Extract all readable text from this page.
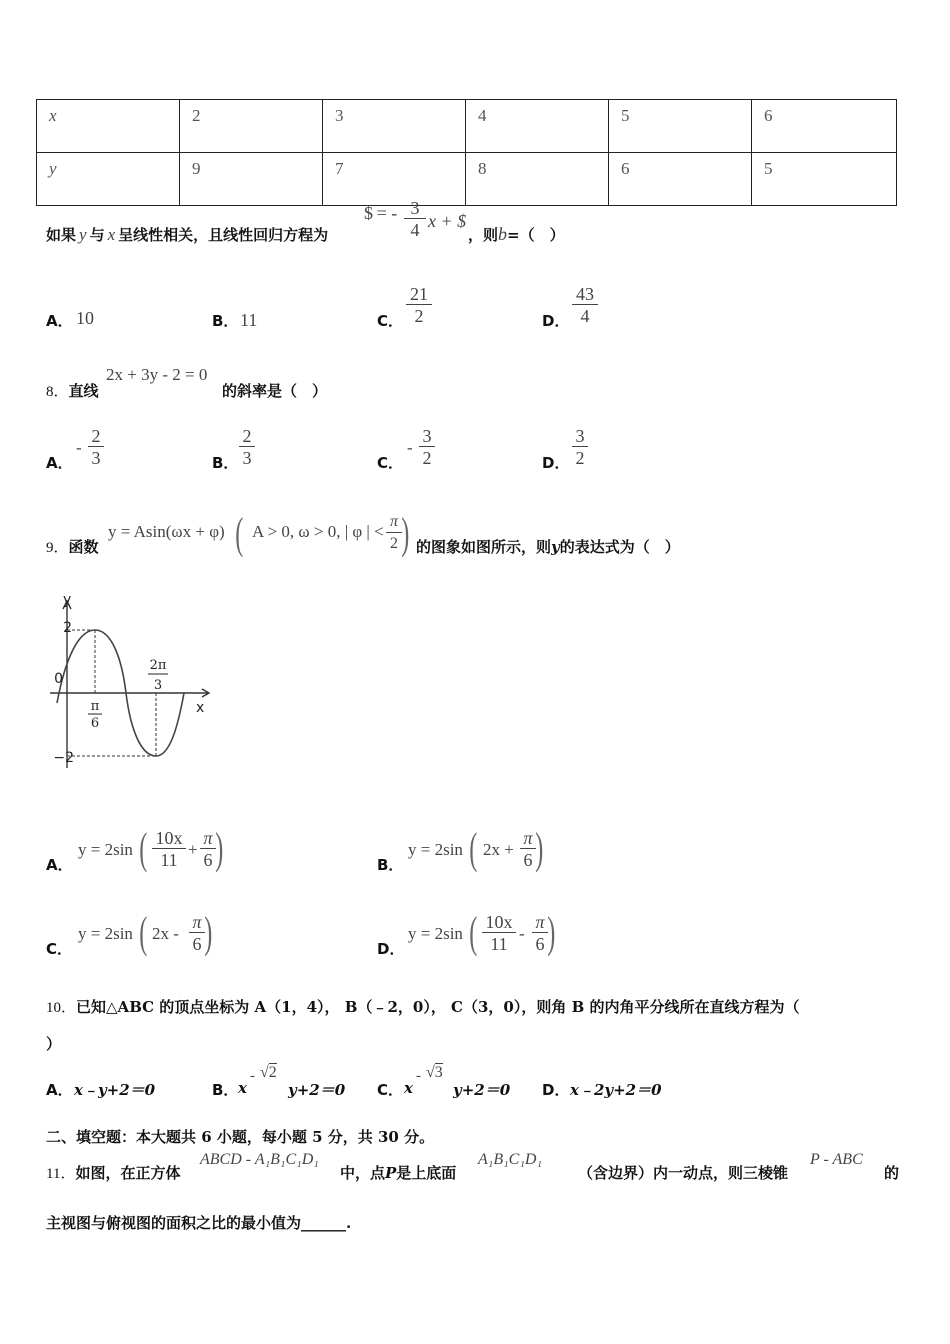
x	2	3	4	5	6
y	9	7	8	6	5
如果 y 与 x 呈线性相关，且线性回归方程为
$ = - $\frac{3}{4}$ x + $
，则b=（　）
A． 10	B． 11	C． $\frac{21}{2}$	D． $\frac{43}{4}$
8．直线
2x + 3y - 2 = 0
的斜率是（　）
A．
- $\frac{2}{3}$	B． $\frac{2}{3}$	C．
- $\frac{3}{2}$	D． $\frac{3}{2}$
9．函数
y = Asin(ωx + φ) ( A > 0, ω > 0, | φ | < $\frac{\pi}{2}$ ) 的图象如图所示，则y的表达式为（　）
y
x
0
2
−2
π
6
2π
3
A．
y = 2sin ( $\frac{10x}{11} + \frac{\pi}{6}$ )	B．
y = 2sin ( $2x + \frac{\pi}{6}$ )
C．
y = 2sin ( $2x - \frac{\pi}{6}$ )	D．
y = 2sin ( $\frac{10x}{11} - \frac{\pi}{6}$ )
10．已知△ABC 的顶点坐标为 A（1，4）， B（﹣2，0）， C（3，0），则角 B 的内角平分线所在直线方程为（
）
A． x﹣y+2＝0	B． x
- √2
y+2＝0 C． x
- √3
y+2＝0 D． x﹣2y+2＝0
二、填空题：本大题共 6 小题，每小题 5 分，共 30 分。
11．如图，在正方体
ABCD - A₁B₁C₁D₁
中，点P是上底面
A₁B₁C₁D₁
（含边界）内一动点，则三棱锥
P - ABC
的
主视图与俯视图的面积之比的最小值为______.
